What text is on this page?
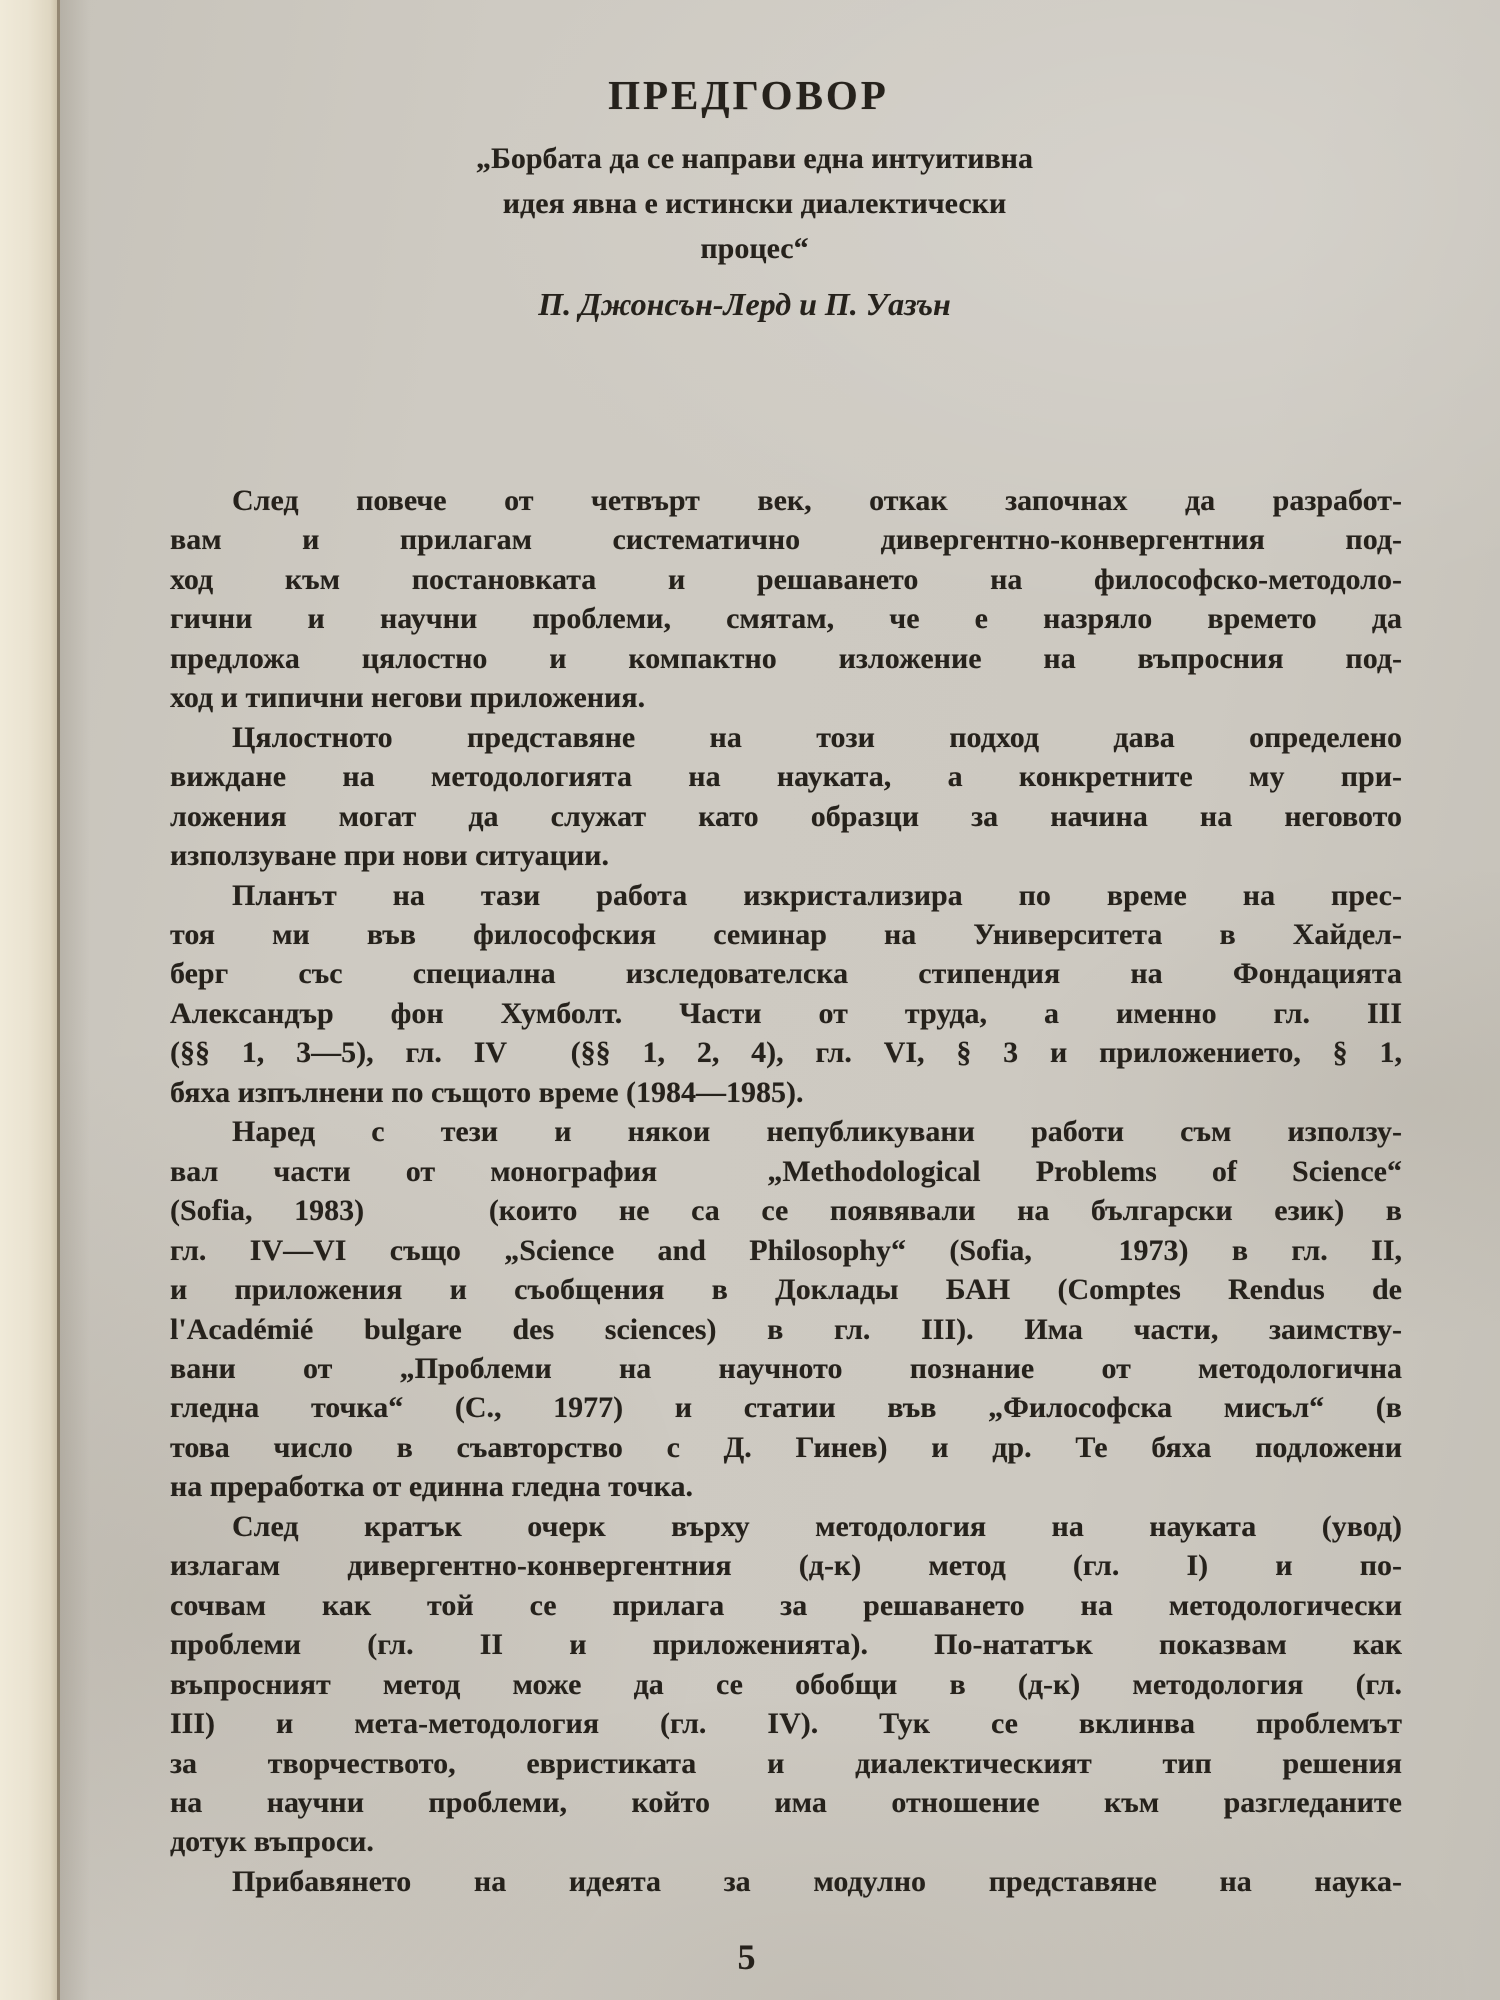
ПРЕДГОВОР
„Борбата да се направи една интуитивна
идея явна е истински диалектически
процес“
П. Джонсън-Лерд и П. Уазън
След повече от четвърт век, откак започнах да разработ-
вам и прилагам систематично дивергентно-конвергентния под-
ход към постановката и решаването на философско-методоло-
гични и научни проблеми, смятам, че е назряло времето да
предложа цялостно и компактно изложение на въпросния под-
ход и типични негови приложения.
Цялостното представяне на този подход дава определено
виждане на методологията на науката, а конкретните му при-
ложения могат да служат като образци за начина на неговото
използуване при нови ситуации.
Планът на тази работа изкристализира по време на прес-
тоя ми във философския семинар на Университета в Хайдел-
берг със специална изследователска стипендия на Фондацията
Александър фон Хумболт. Части от труда, а именно гл. III
(§§ 1, 3—5), гл. IV  (§§ 1, 2, 4), гл. VI, § 3 и приложението, § 1,
бяха изпълнени по същото време (1984—1985).
Наред с тези и някои непубликувани работи съм използу-
вал части от монография  „Methodological Problems of Science“
(Sofia, 1983)   (които не са се появявали на български език) в
гл. IV—VI също „Science and Philosophy“ (Sofia,  1973) в гл. II,
и приложения и съобщения в Доклады БАН (Comptes Rendus de
l'Académié bulgare des sciences) в гл. III). Има части, заимству-
вани от „Проблеми на научното познание от методологична
гледна точка“ (С., 1977) и статии във „Философска мисъл“ (в
това число в съавторство с Д. Гинев) и др. Те бяха подложени
на преработка от единна гледна точка.
След кратък очерк върху методология на науката (увод)
излагам дивергентно-конвергентния (д-к) метод (гл. I) и по-
сочвам как той се прилага за решаването на методологически
проблеми (гл. II и приложенията). По-нататък показвам как
въпросният метод може да се обобщи в (д-к) методология (гл.
III) и мета-методология (гл. IV). Тук се вклинва проблемът
за творчеството, евристиката и диалектическият тип решения
на научни проблеми, който има отношение към разгледаните
дотук въпроси.
Прибавянето на идеята за модулно представяне на наука-
5
